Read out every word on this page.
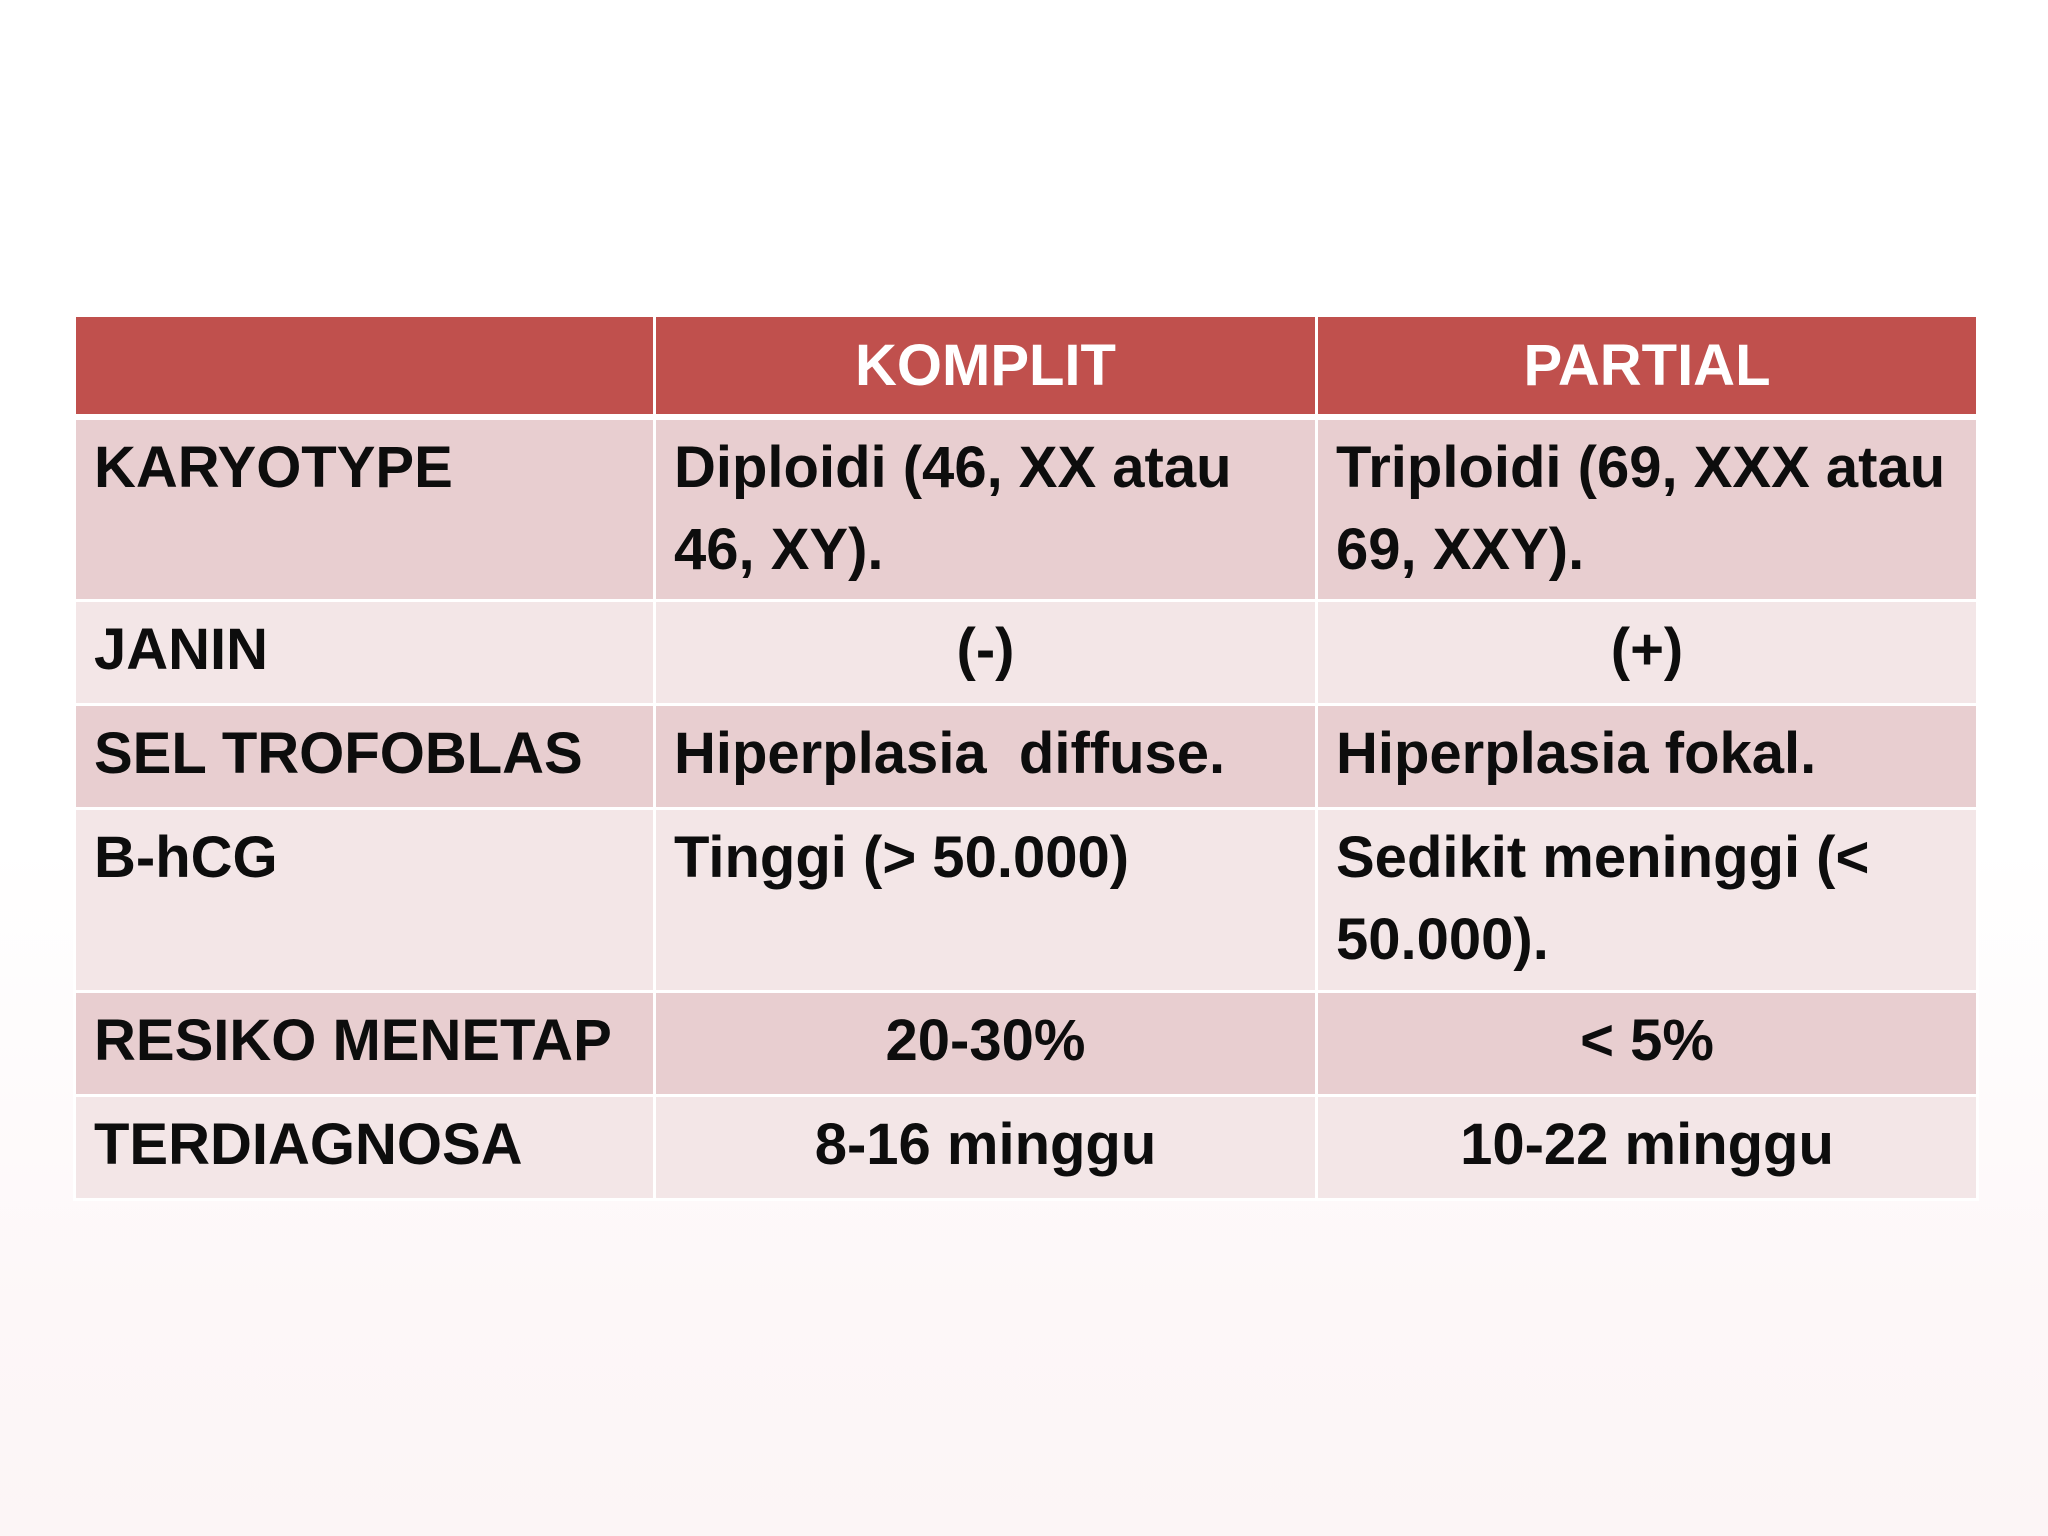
	KOMPLIT	PARTIAL
KARYOTYPE	Diploidi (46, XX atau 46, XY).	Triploidi (69, XXX atau 69, XXY).
JANIN	(-)	(+)
SEL TROFOBLAS	Hiperplasia  diffuse.	Hiperplasia fokal.
B-hCG	Tinggi (> 50.000)	Sedikit meninggi (< 50.000).
RESIKO MENETAP	20-30%	< 5%
TERDIAGNOSA	8-16 minggu	10-22 minggu
